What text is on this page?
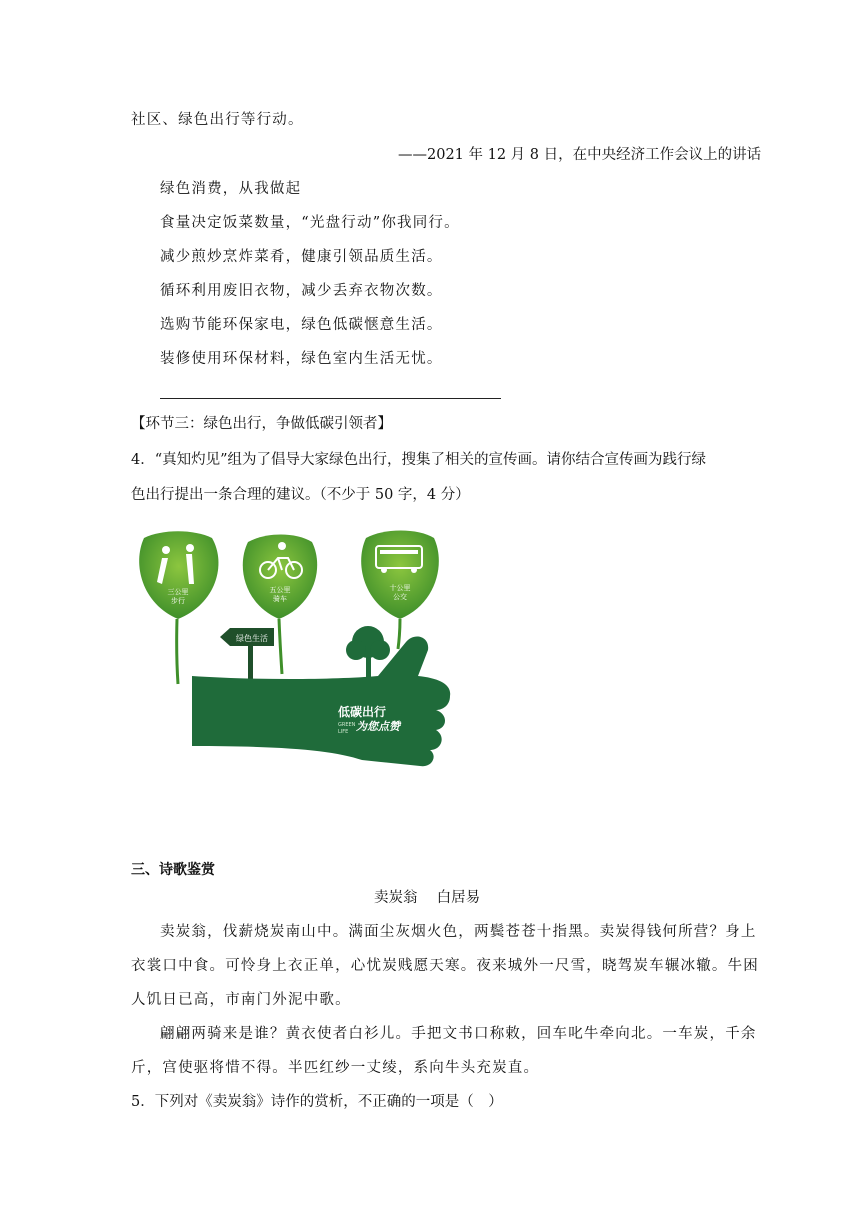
社区、绿色出行等行动。
——2021 年 12 月 8 日，在中央经济工作会议上的讲话
绿色消费，从我做起
食量决定饭菜数量，“光盘行动”你我同行。
减少煎炒烹炸菜肴，健康引领品质生活。
循环利用废旧衣物，减少丢弃衣物次数。
选购节能环保家电，绿色低碳惬意生活。
装修使用环保材料，绿色室内生活无忧。
【环节三：绿色出行，争做低碳引领者】
4．“真知灼见”组为了倡导大家绿色出行，搜集了相关的宣传画。请你结合宣传画为践行绿
色出行提出一条合理的建议。（不少于 50 字，4 分）
三公里
步行
五公里
骑车
十公里
公交
绿色生活
低碳出行
为您点赞
GREEN
LIFE
三、诗歌鉴赏
卖炭翁　 白居易
卖炭翁，伐薪烧炭南山中。满面尘灰烟火色，两鬓苍苍十指黑。卖炭得钱何所营？身上
衣裳口中食。可怜身上衣正单，心忧炭贱愿天寒。夜来城外一尺雪，晓驾炭车辗冰辙。牛困
人饥日已高，市南门外泥中歌。
翩翩两骑来是谁？黄衣使者白衫儿。手把文书口称敕，回车叱牛牵向北。一车炭，千余
斤，宫使驱将惜不得。半匹红纱一丈绫，系向牛头充炭直。
5．下列对《卖炭翁》诗作的赏析，不正确的一项是（　）
